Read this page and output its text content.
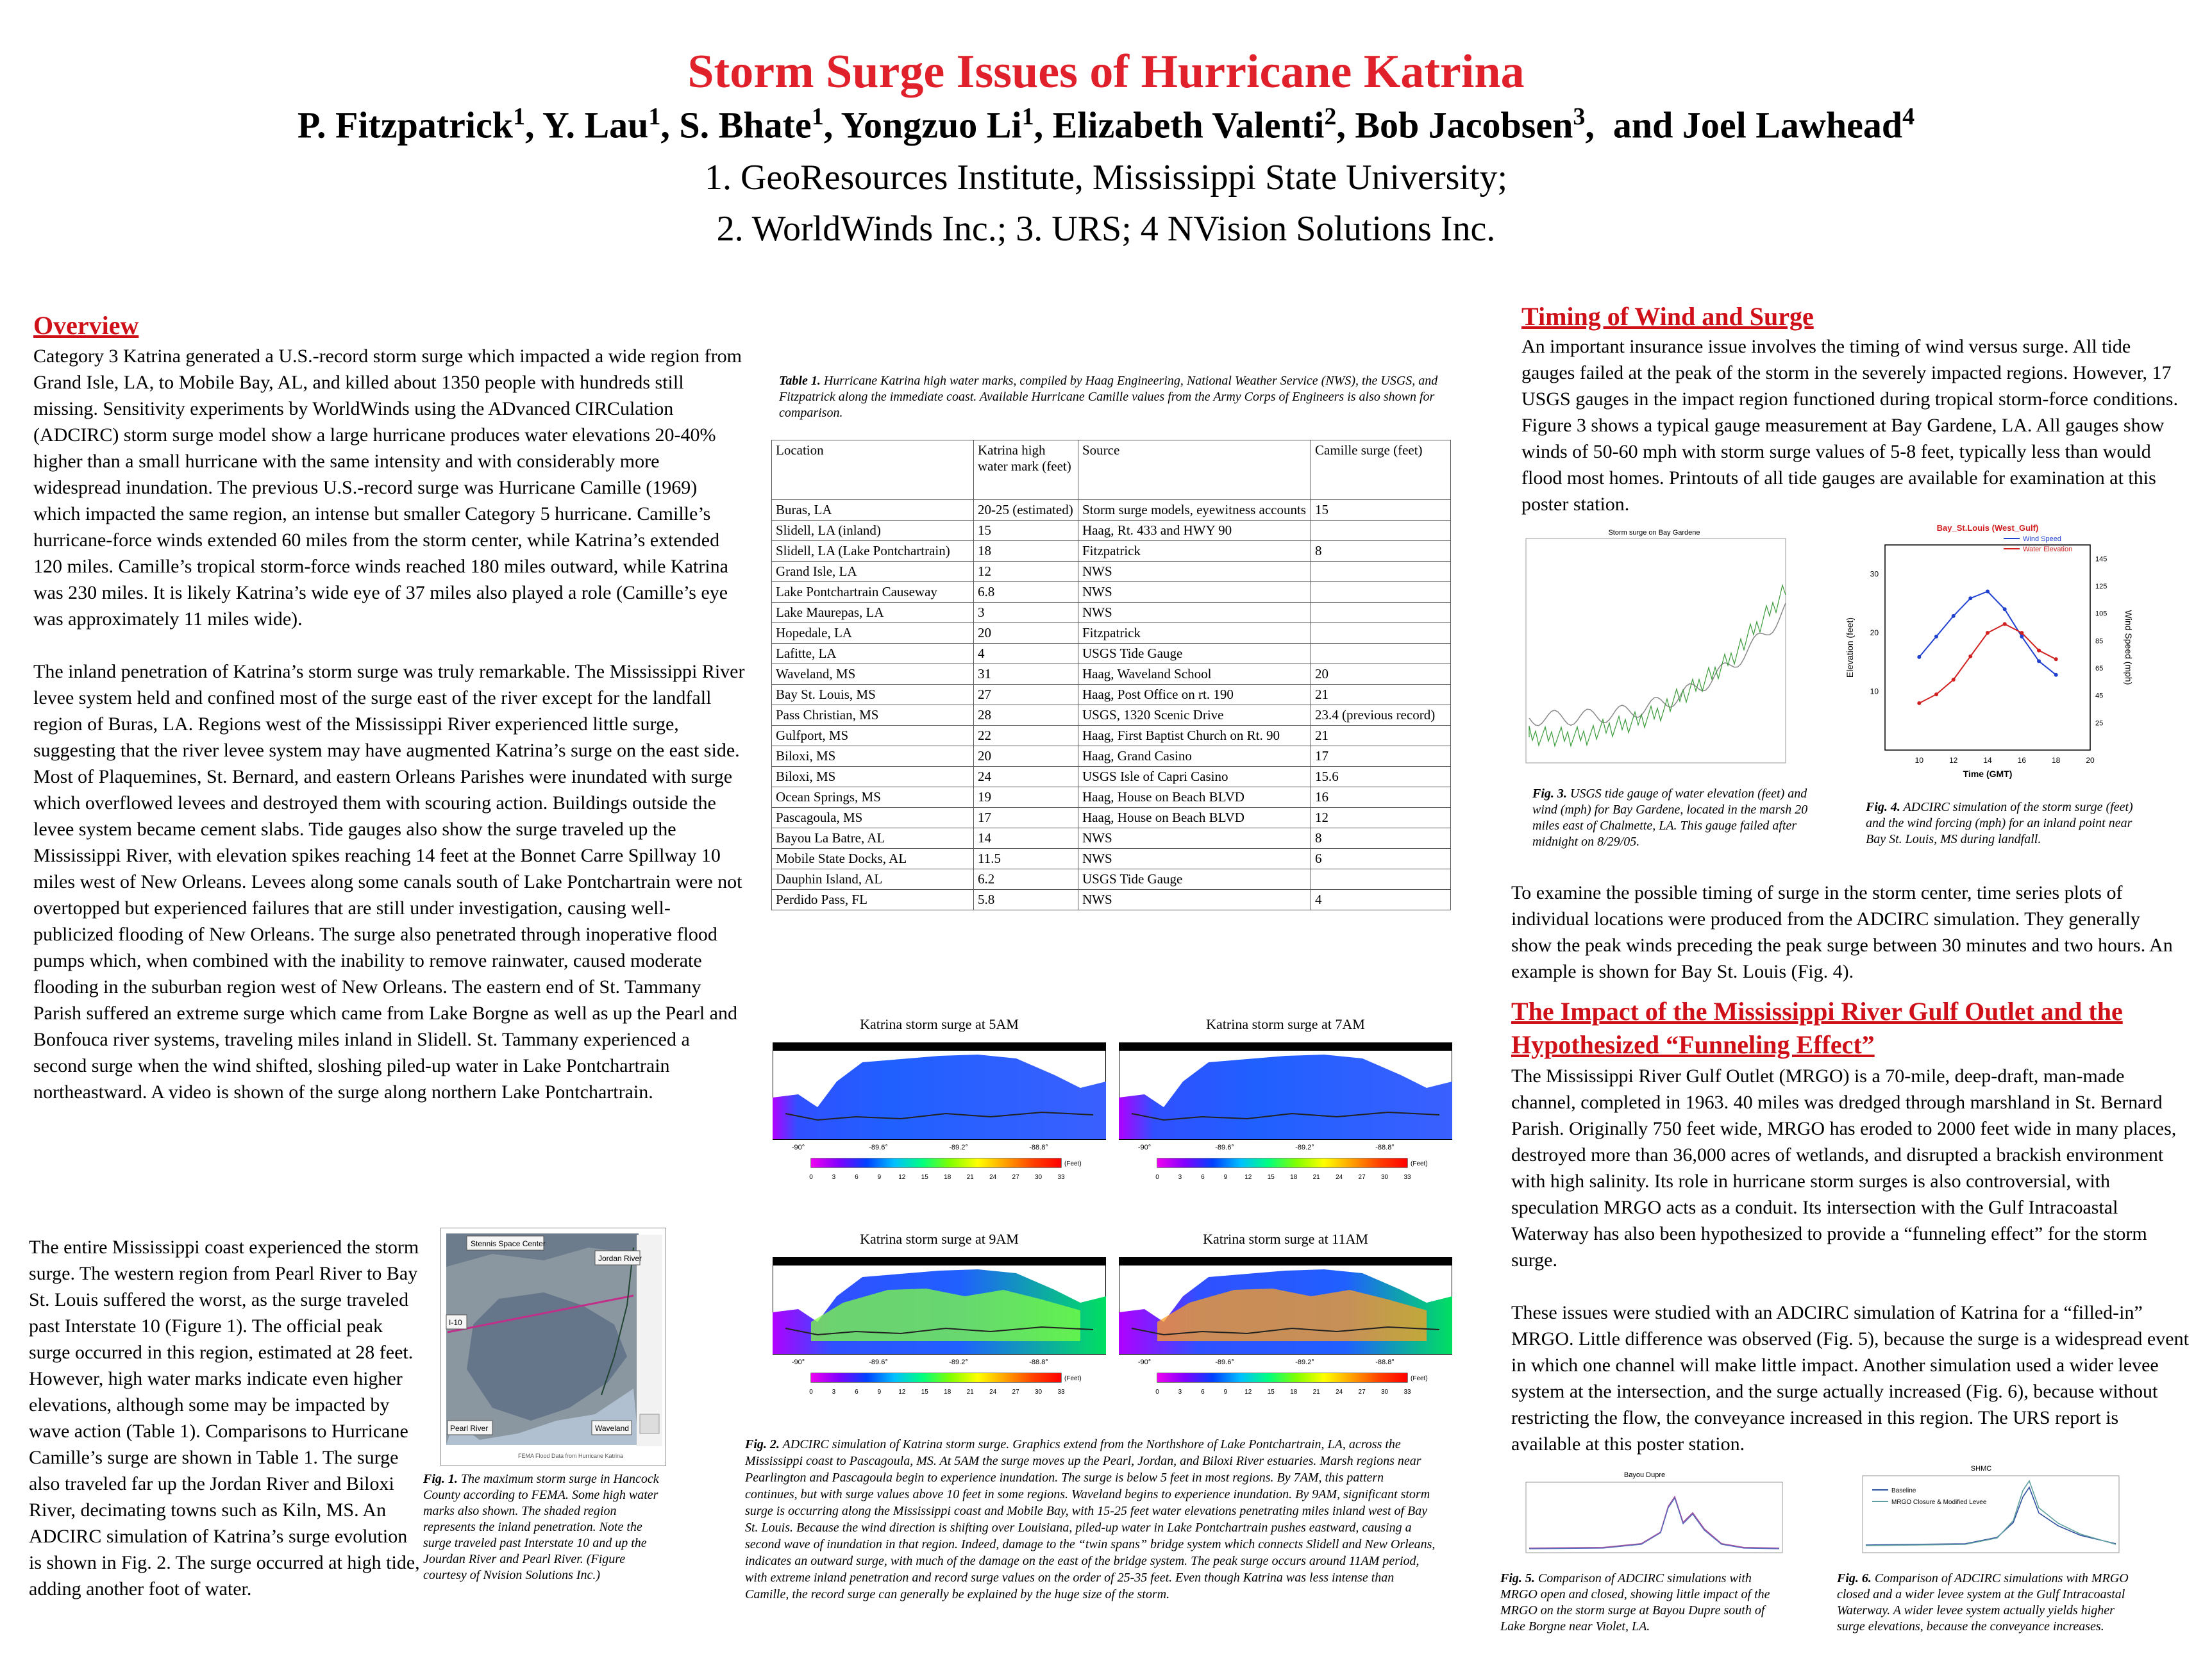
Storm Surge Issues of Hurricane Katrina
P. Fitzpatrick$^1$, Y. Lau$^1$, S. Bhate$^1$, Yongzuo Li$^1$, Elizabeth Valenti$^2$, Bob Jacobsen$^3$,  and Joel Lawhead$^4$
1. GeoResources Institute, Mississippi State University;
2. WorldWinds Inc.; 3. URS; 4 NVision Solutions Inc.
Overview

Category 3 Katrina generated a U.S.-record storm surge which impacted a wide region from Grand Isle, LA, to Mobile Bay, AL, and killed about 1350 people with hundreds still missing. Sensitivity experiments by WorldWinds using the ADvanced CIRCulation (ADCIRC) storm surge model show a large hurricane produces water elevations 20-40% higher than a small hurricane with the same intensity and with considerably more widespread inundation. The previous U.S.-record surge was Hurricane Camille (1969) which impacted the same region, an intense but smaller Category 5 hurricane. Camille’s hurricane-force winds extended 60 miles from the storm center, while Katrina’s extended 120 miles. Camille’s tropical storm-force winds reached 180 miles outward, while Katrina was 230 miles. It is likely Katrina’s wide eye of 37 miles also played a role (Camille’s eye was approximately 11 miles wide).

The inland penetration of Katrina’s storm surge was truly remarkable. The Mississippi River levee system held and confined most of the surge east of the river except for the landfall region of Buras, LA. Regions west of the Mississippi River experienced little surge, suggesting that the river levee system may have augmented Katrina’s surge on the east side. Most of Plaquemines, St. Bernard, and eastern Orleans Parishes were inundated with surge which overflowed levees and destroyed them with scouring action. Buildings outside the levee system became cement slabs. Tide gauges also show the surge traveled up the Mississippi River, with elevation spikes reaching 14 feet at the Bonnet Carre Spillway 10 miles west of New Orleans. Levees along some canals south of Lake Pontchartrain were not overtopped but experienced failures that are still under investigation, causing well-publicized flooding of New Orleans. The surge also penetrated through inoperative flood pumps which, when combined with the inability to remove rainwater, caused moderate flooding in the suburban region west of New Orleans. The eastern end of St. Tammany Parish suffered an extreme surge which came from Lake Borgne as well as up the Pearl and Bonfouca river systems, traveling miles inland in Slidell. St. Tammany experienced a second surge when the wind shifted, sloshing piled-up water in Lake Pontchartrain northeastward. A video is shown of the surge along northern Lake Pontchartrain.

The entire Mississippi coast experienced the storm surge. The western region from Pearl River to Bay St. Louis suffered the worst, as the surge traveled past Interstate 10 (Figure 1). The official peak surge occurred in this region, estimated at 28 feet. However, high water marks indicate even higher elevations, although some may be impacted by wave action (Table 1). Comparisons to Hurricane Camille’s surge are shown in Table 1. The surge also traveled far up the Jordan River and Biloxi River, decimating towns such as Kiln, MS. An ADCIRC simulation of Katrina’s surge evolution is shown in Fig. 2. The surge occurred at high tide, adding another foot of water.
Stennis Space Center
Jordan River
I-10
Pearl River	Waveland
FEMA Flood Data from Hurricane Katrina
Fig. 1. The maximum storm surge in Hancock County according to FEMA. Some high water marks also shown. The shaded region represents the inland penetration. Note the surge traveled past Interstate 10 and up the Jourdan River and Pearl River. (Figure courtesy of Nvision Solutions Inc.)
Table 1. Hurricane Katrina high water marks, compiled by Haag Engineering, National Weather Service (NWS), the USGS, and Fitzpatrick along the immediate coast. Available Hurricane Camille values from the Army Corps of Engineers is also shown for comparison.
Location	Katrina high water mark (feet)	Source	Camille surge (feet)
Buras, LA	20-25 (estimated)	Storm surge models, eyewitness accounts	15
Slidell, LA (inland)	15	Haag, Rt. 433 and HWY 90	
Slidell, LA (Lake Pontchartrain)	18	Fitzpatrick	8
Grand Isle, LA	12	NWS	
Lake Pontchartrain Causeway	6.8	NWS	
Lake Maurepas, LA	3	NWS	
Hopedale, LA	20	Fitzpatrick	
Lafitte, LA	4	USGS Tide Gauge	
Waveland, MS	31	Haag, Waveland School	20
Bay St. Louis, MS	27	Haag, Post Office on rt. 190	21
Pass Christian, MS	28	USGS, 1320 Scenic Drive	23.4 (previous record)
Gulfport, MS	22	Haag, First Baptist Church on Rt. 90	21
Biloxi, MS	20	Haag, Grand Casino	17
Biloxi, MS	24	USGS Isle of Capri Casino	15.6
Ocean Springs, MS	19	Haag, House on Beach BLVD	16
Pascagoula, MS	17	Haag, House on Beach BLVD	12
Bayou La Batre, AL	14	NWS	8
Mobile State Docks, AL	11.5	NWS	6
Dauphin Island, AL	6.2	USGS Tide Gauge	
Perdido Pass, FL	5.8	NWS	4
Katrina storm surge at 5AM
-90°	-89.6°	-89.2°	-88.8°
0	3	6	9	12 15 18 21 24 27 30 33
(Feet)
Katrina storm surge at 7AM
-90°	-89.6°	-89.2°	-88.8°
0	3	6	9	12 15 18 21 24 27 30 33
(Feet)
Katrina storm surge at 9AM
-90°	-89.6°	-89.2°	-88.8°
0	3	6	9	12 15 18 21 24 27 30 33
(Feet)
Katrina storm surge at 11AM
-90°	-89.6°	-89.2°	-88.8°
0	3	6	9	12 15 18 21 24 27 30 33
(Feet)
Fig. 2. ADCIRC simulation of Katrina storm surge. Graphics extend from the Northshore of Lake Pontchartrain, LA, across the Mississippi coast to Pascagoula, MS. At 5AM the surge moves up the Pearl, Jordan, and Biloxi River estuaries. Marsh regions near Pearlington and Pascagoula begin to experience inundation. The surge is below 5 feet in most regions. By 7AM, this pattern continues, but with surge values above 10 feet in some regions. Waveland begins to experience inundation. By 9AM, significant storm surge is occurring along the Mississippi coast and Mobile Bay, with 15-25 feet water elevations penetrating miles inland west of Bay St. Louis. Because the wind direction is shifting over Louisiana, piled-up water in Lake Pontchartrain pushes eastward, causing a second wave of inundation in that region. Indeed, damage to the “twin spans” bridge system which connects Slidell and New Orleans, indicates an outward surge, with much of the damage on the east of the bridge system. The peak surge occurs around 11AM period, with extreme inland penetration and record surge values on the order of 25-35 feet. Even though Katrina was less intense than Camille, the record surge can generally be explained by the huge size of the storm.
Timing of Wind and Surge
An important insurance issue involves the timing of wind versus surge. All tide gauges failed at the peak of the storm in the severely impacted regions. However, 17 USGS gauges in the impact region functioned during tropical storm-force conditions. Figure 3 shows a typical gauge measurement at Bay Gardene, LA. All gauges show winds of 50-60 mph with storm surge values of 5-8 feet, typically less than would flood most homes. Printouts of all tide gauges are available for examination at this poster station.
Storm surge on Bay Gardene
Fig. 3. USGS tide gauge of water elevation (feet) and wind (mph) for Bay Gardene, located in the marsh 20 miles east of Chalmette, LA. This gauge failed after midnight on 8/29/05.
Bay_St.Louis (West_Gulf)
10	12	14	16	18	20
10
20
30
25
45
65
85
105
125
145
Time (GMT)
Elevation (feet)	Wind Speed (mph)
Wind Speed
Water Elevation
Fig. 4. ADCIRC simulation of the storm surge (feet) and the wind forcing (mph) for an inland point near Bay St. Louis, MS during landfall.
To examine the possible timing of surge in the storm center, time series plots of individual locations were produced from the ADCIRC simulation. They generally show the peak winds preceding the peak surge between 30 minutes and two hours. An example is shown for Bay St. Louis (Fig. 4).
The Impact of the Mississippi River Gulf Outlet and the
Hypothesized “Funneling Effect”

The Mississippi River Gulf Outlet (MRGO) is a 70-mile, deep-draft, man-made channel, completed in 1963. 40 miles was dredged through marshland in St. Bernard Parish. Originally 750 feet wide, MRGO has eroded to 2000 feet wide in many places, destroyed more than 36,000 acres of wetlands, and disrupted a brackish environment with high salinity. Its role in hurricane storm surges is also controversial, with speculation MRGO acts as a conduit. Its intersection with the Gulf Intracoastal Waterway has also been hypothesized to provide a “funneling effect” for the storm surge.

These issues were studied with an ADCIRC simulation of Katrina for a “filled-in” MRGO. Little difference was observed (Fig. 5), because the surge is a widespread event in which one channel will make little impact. Another simulation used a wider levee system at the intersection, and the surge actually increased (Fig. 6), because without restricting the flow, the conveyance increased in this region. The URS report is available at this poster station.

Bayou Dupre
Fig. 5. Comparison of ADCIRC simulations with MRGO open and closed, showing little impact of the MRGO on the storm surge at Bayou Dupre south of Lake Borgne near Violet, LA.
SHMC
Baseline
MRGO Closure & Modified Levee
Fig. 6. Comparison of ADCIRC simulations with MRGO closed and a wider levee system at the Gulf Intracoastal Waterway. A wider levee system actually yields higher surge elevations, because the conveyance increases.
